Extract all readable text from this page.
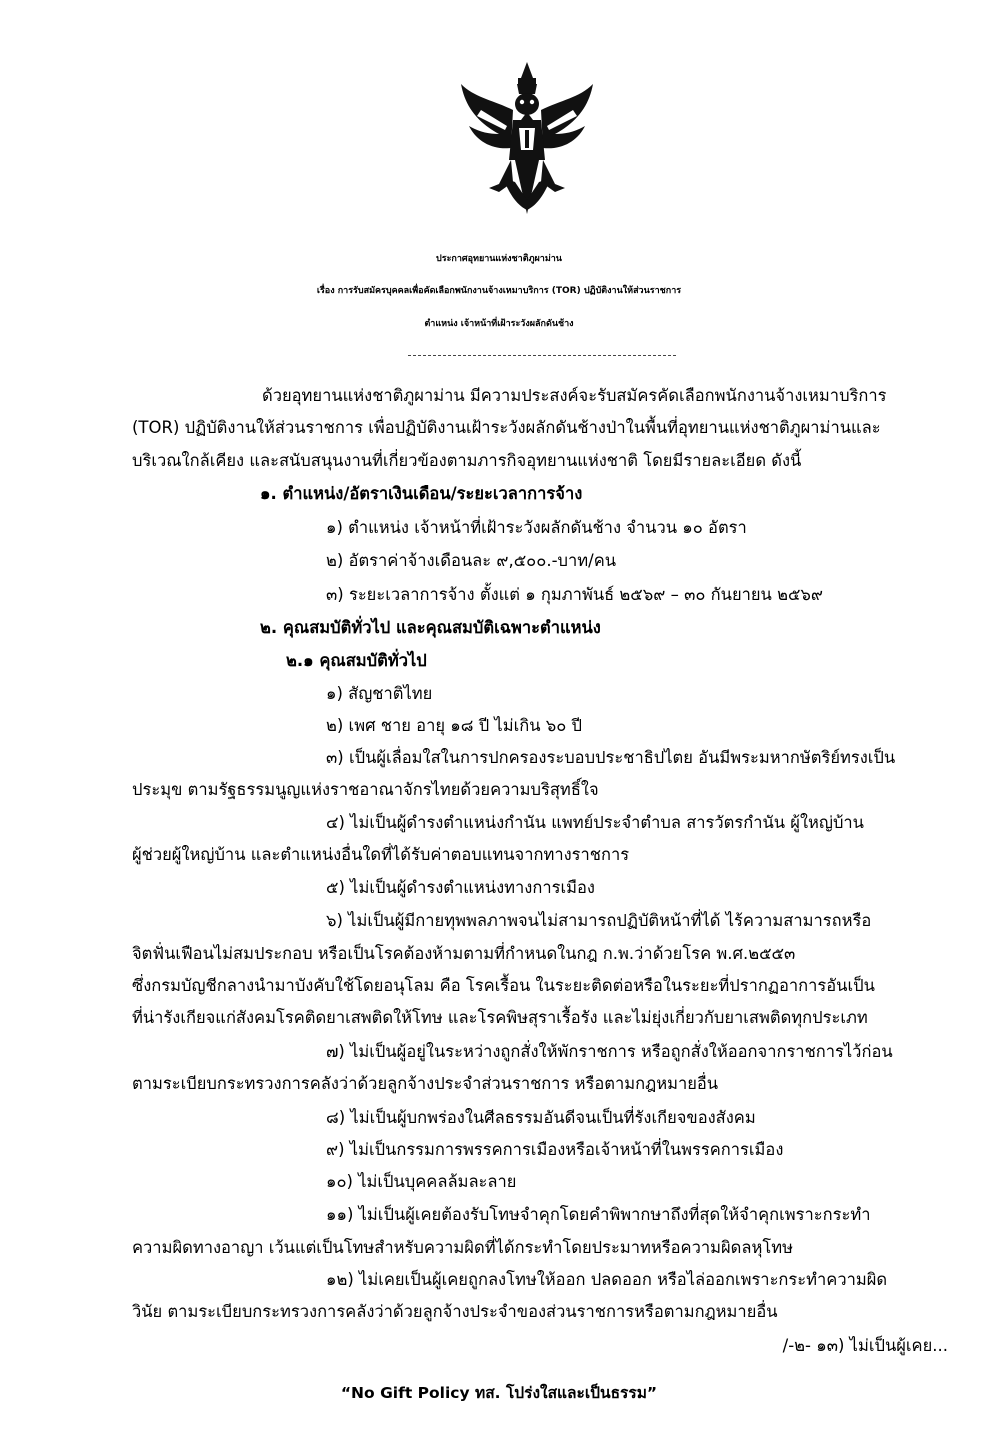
ประกาศอุทยานแห่งชาติภูผาม่าน
เรื่อง การรับสมัครบุคคลเพื่อคัดเลือกพนักงานจ้างเหมาบริการ (TOR) ปฏิบัติงานให้ส่วนราชการ
ตำแหน่ง เจ้าหน้าที่เฝ้าระวังผลักดันช้าง
ด้วยอุทยานแห่งชาติภูผาม่าน มีความประสงค์จะรับสมัครคัดเลือกพนักงานจ้างเหมาบริการ
(TOR) ปฏิบัติงานให้ส่วนราชการ เพื่อปฏิบัติงานเฝ้าระวังผลักดันช้างป่าในพื้นที่อุทยานแห่งชาติภูผาม่านและ
บริเวณใกล้เคียง และสนับสนุนงานที่เกี่ยวข้องตามภารกิจอุทยานแห่งชาติ โดยมีรายละเอียด ดังนี้
๑. ตำแหน่ง/อัตราเงินเดือน/ระยะเวลาการจ้าง
๑) ตำแหน่ง เจ้าหน้าที่เฝ้าระวังผลักดันช้าง จำนวน ๑๐ อัตรา
๒) อัตราค่าจ้างเดือนละ ๙,๕๐๐.-บาท/คน
๓) ระยะเวลาการจ้าง ตั้งแต่ ๑ กุมภาพันธ์ ๒๕๖๙ – ๓๐ กันยายน ๒๕๖๙
๒. คุณสมบัติทั่วไป และคุณสมบัติเฉพาะตำแหน่ง
๒.๑ คุณสมบัติทั่วไป
๑) สัญชาติไทย
๒) เพศ ชาย อายุ ๑๘ ปี ไม่เกิน ๖๐ ปี
๓) เป็นผู้เลื่อมใสในการปกครองระบอบประชาธิปไตย อันมีพระมหากษัตริย์ทรงเป็น
ประมุข ตามรัฐธรรมนูญแห่งราชอาณาจักรไทยด้วยความบริสุทธิ์ใจ
๔) ไม่เป็นผู้ดำรงตำแหน่งกำนัน แพทย์ประจำตำบล สารวัตรกำนัน ผู้ใหญ่บ้าน
ผู้ช่วยผู้ใหญ่บ้าน และตำแหน่งอื่นใดที่ได้รับค่าตอบแทนจากทางราชการ
๕) ไม่เป็นผู้ดำรงตำแหน่งทางการเมือง
๖) ไม่เป็นผู้มีกายทุพพลภาพจนไม่สามารถปฏิบัติหน้าที่ได้ ไร้ความสามารถหรือ
จิตฟั่นเฟือนไม่สมประกอบ หรือเป็นโรคต้องห้ามตามที่กำหนดในกฎ ก.พ.ว่าด้วยโรค พ.ศ.๒๕๕๓
ซึ่งกรมบัญชีกลางนำมาบังคับใช้โดยอนุโลม คือ โรคเรื้อน ในระยะติดต่อหรือในระยะที่ปรากฏอาการอันเป็น
ที่น่ารังเกียจแก่สังคมโรคติดยาเสพติดให้โทษ และโรคพิษสุราเรื้อรัง และไม่ยุ่งเกี่ยวกับยาเสพติดทุกประเภท
๗) ไม่เป็นผู้อยู่ในระหว่างถูกสั่งให้พักราชการ หรือถูกสั่งให้ออกจากราชการไว้ก่อน
ตามระเบียบกระทรวงการคลังว่าด้วยลูกจ้างประจำส่วนราชการ หรือตามกฎหมายอื่น
๘) ไม่เป็นผู้บกพร่องในศีลธรรมอันดีจนเป็นที่รังเกียจของสังคม
๙) ไม่เป็นกรรมการพรรคการเมืองหรือเจ้าหน้าที่ในพรรคการเมือง
๑๐) ไม่เป็นบุคคลล้มละลาย
๑๑) ไม่เป็นผู้เคยต้องรับโทษจำคุกโดยคำพิพากษาถึงที่สุดให้จำคุกเพราะกระทำ
ความผิดทางอาญา เว้นแต่เป็นโทษสำหรับความผิดที่ได้กระทำโดยประมาทหรือความผิดลหุโทษ
๑๒) ไม่เคยเป็นผู้เคยถูกลงโทษให้ออก ปลดออก หรือไล่ออกเพราะกระทำความผิด
วินัย ตามระเบียบกระทรวงการคลังว่าด้วยลูกจ้างประจำของส่วนราชการหรือตามกฎหมายอื่น
/-๒- ๑๓) ไม่เป็นผู้เคย...
“No Gift Policy ทส. โปร่งใสและเป็นธรรม”
